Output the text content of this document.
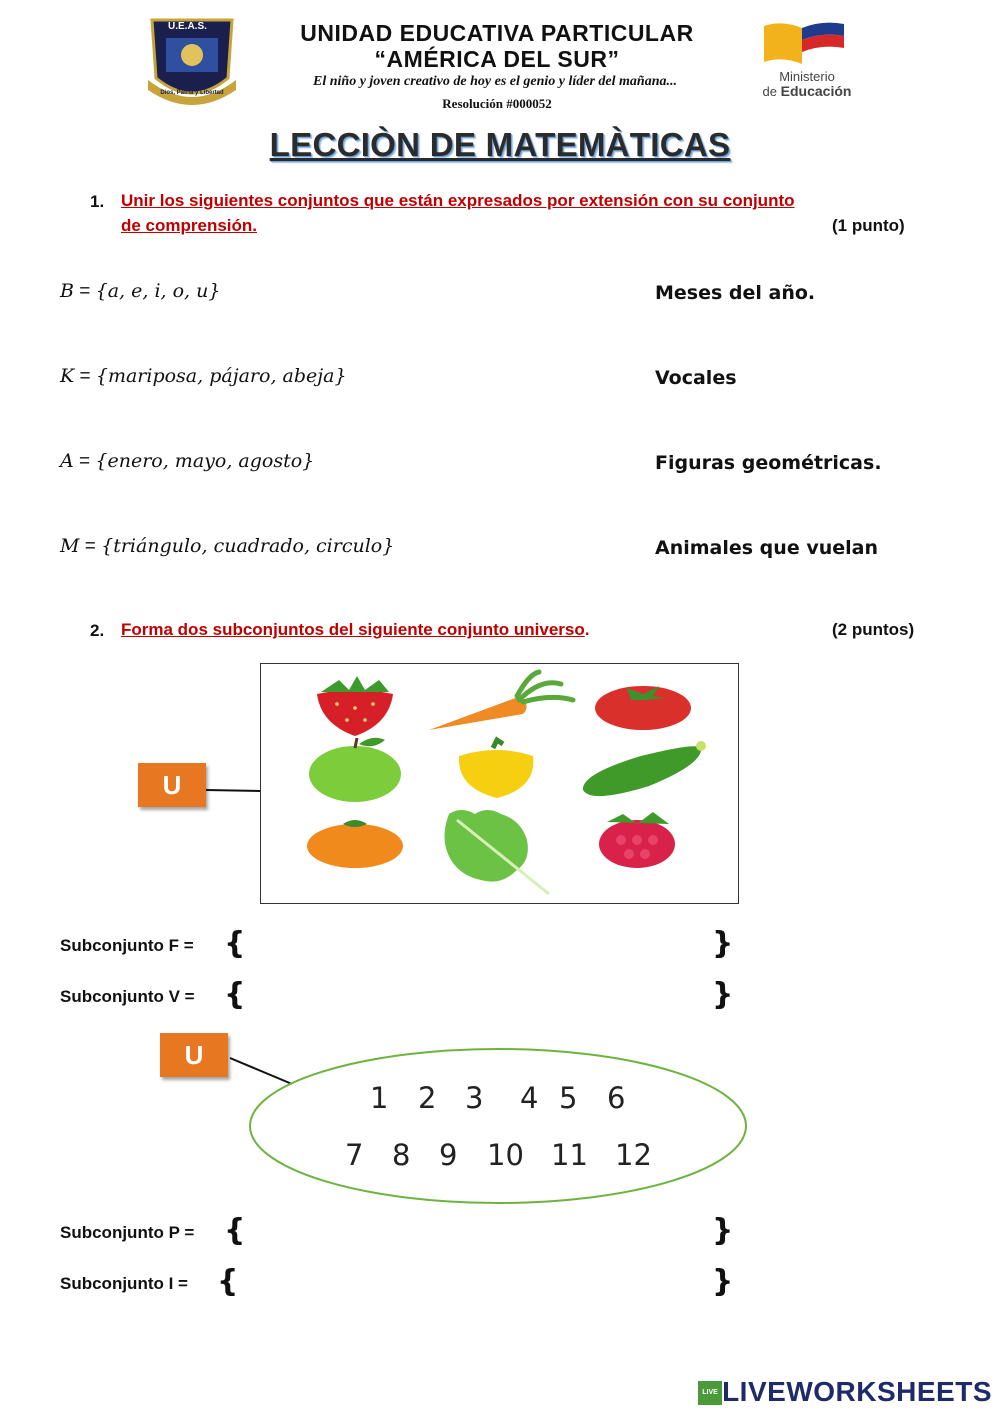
U.E.A.S.
Dios, Patria y Libertad
UNIDAD EDUCATIVA PARTICULAR
“AMÉRICA DEL SUR”
El niño y joven creativo de hoy es el genio y líder del mañana...
Resolución #000052
Ministerio
de Educación
LECCIÒN DE MATEMÀTICAS
1. Unir los siguientes conjuntos que están expresados por extensión con su conjunto
de comprensión.	(1 punto)
B = {a, e, i, o, u}
K = {mariposa, pájaro, abeja}
A = {enero, mayo, agosto}
M = {triángulo, cuadrado, circulo}
Meses del año.
Vocales
Figuras geométricas.
Animales que vuelan
2. Forma dos subconjuntos del siguiente conjunto universo.	(2 puntos)
U
Subconjunto F = {	}
Subconjunto V = {	}
U
1 2 3 4 5 6
7 8 9 10 11 12
Subconjunto P = {	}
Subconjunto I = {	}
LIVE LIVEWORKSHEETS
